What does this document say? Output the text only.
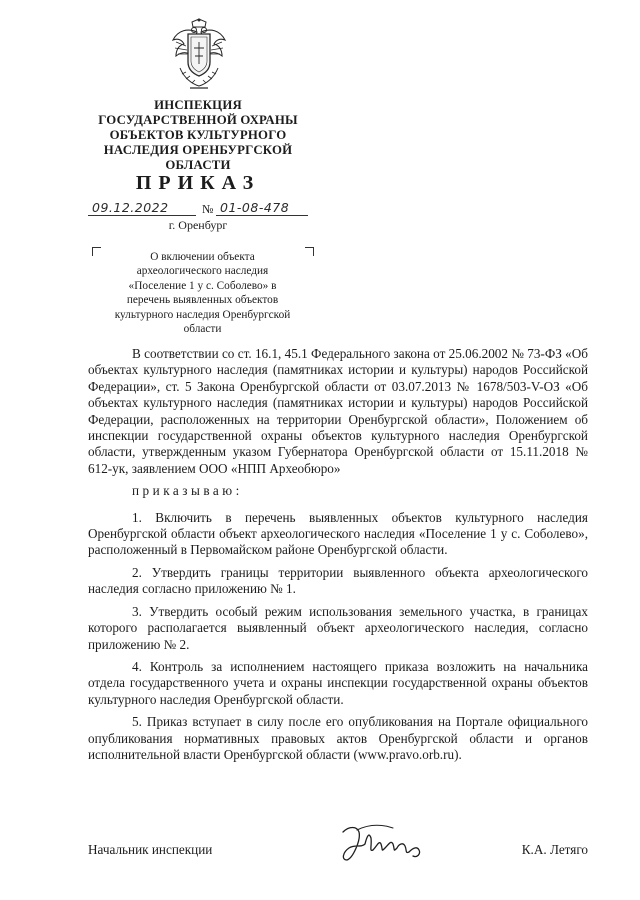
ИНСПЕКЦИЯ
ГОСУДАРСТВЕННОЙ ОХРАНЫ
ОБЪЕКТОВ КУЛЬТУРНОГО
НАСЛЕДИЯ ОРЕНБУРГСКОЙ
ОБЛАСТИ
ПРИКАЗ
09.12.2022	№ 01-08-478
г. Оренбург
О включении объекта
археологического наследия
«Поселение 1 у с. Соболево» в
перечень выявленных объектов
культурного наследия Оренбургской
области

В соответствии со ст. 16.1, 45.1 Федерального закона от 25.06.2002 № 73-ФЗ «Об объектах культурного наследия (памятниках истории и культуры) народов Российской Федерации», ст. 5 Закона Оренбургской области от 03.07.2013 № 1678/503-V-ОЗ «Об объектах культурного наследия (памятниках истории и культуры) народов Российской Федерации, расположенных на территории Оренбургской области», Положением об инспекции государственной охраны объектов культурного наследия Оренбургской области, утвержденным указом Губернатора Оренбургской области от 15.11.2018 № 612-ук, заявлением ООО «НПП Археобюро»

приказываю:

1. Включить в перечень выявленных объектов культурного наследия Оренбургской области объект археологического наследия «Поселение 1 у с. Соболево», расположенный в Первомайском районе Оренбургской области.

2. Утвердить границы территории выявленного объекта археологического наследия согласно приложению № 1.

3. Утвердить особый режим использования земельного участка, в границах которого располагается выявленный объект археологического наследия, согласно приложению № 2.

4. Контроль за исполнением настоящего приказа возложить на начальника отдела государственного учета и охраны инспекции государственной охраны объектов культурного наследия Оренбургской области.

5. Приказ вступает в силу после его опубликования на Портале официального опубликования нормативных правовых актов Оренбургской области и органов исполнительной власти Оренбургской области (www.pravo.orb.ru).

Начальник инспекции	К.А. Летяго
